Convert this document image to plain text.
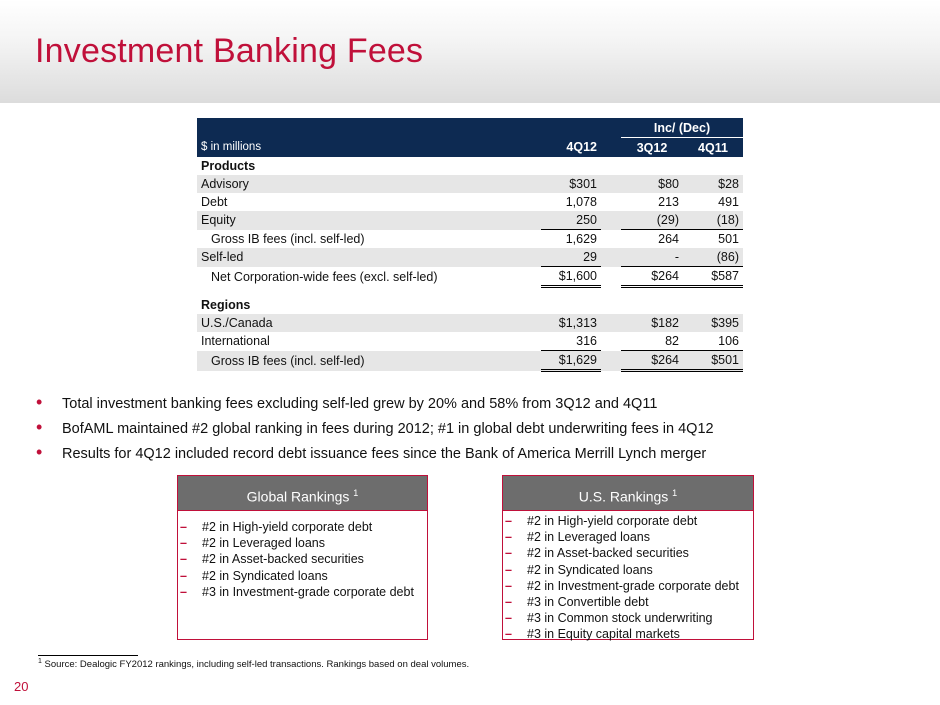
Investment Banking Fees
			Inc/ (Dec)	
$ in millions	4Q12		3Q12	4Q11
Products				
Advisory	$301		$80	$28
Debt	1,078		213	491
Equity	250		(29)	(18)
Gross IB fees (incl. self-led)	1,629		264	501
Self-led	29		-	(86)
Net Corporation-wide fees (excl. self-led)	$1,600		$264	$587

Regions				
U.S./Canada	$1,313		$182	$395
International	316		82	106
Gross IB fees (incl. self-led)	$1,629		$264	$501
• Total investment banking fees excluding self-led grew by 20% and 58% from 3Q12 and 4Q11
• BofAML maintained #2 global ranking in fees during 2012; #1 in global debt underwriting fees in 4Q12
• Results for 4Q12 included record debt issuance fees since the Bank of America Merrill Lynch merger
Global Rankings $^1$
– #2 in High-yield corporate debt
– #2 in Leveraged loans
– #2 in Asset-backed securities
– #2 in Syndicated loans
– #3 in Investment-grade corporate debt
U.S. Rankings $^1$
– #2 in High-yield corporate debt
– #2 in Leveraged loans
– #2 in Asset-backed securities
– #2 in Syndicated loans
– #2 in Investment-grade corporate debt
– #3 in Convertible debt
– #3 in Common stock underwriting
– #3 in Equity capital markets
$^1$ Source: Dealogic FY2012 rankings, including self-led transactions. Rankings based on deal volumes.
20
